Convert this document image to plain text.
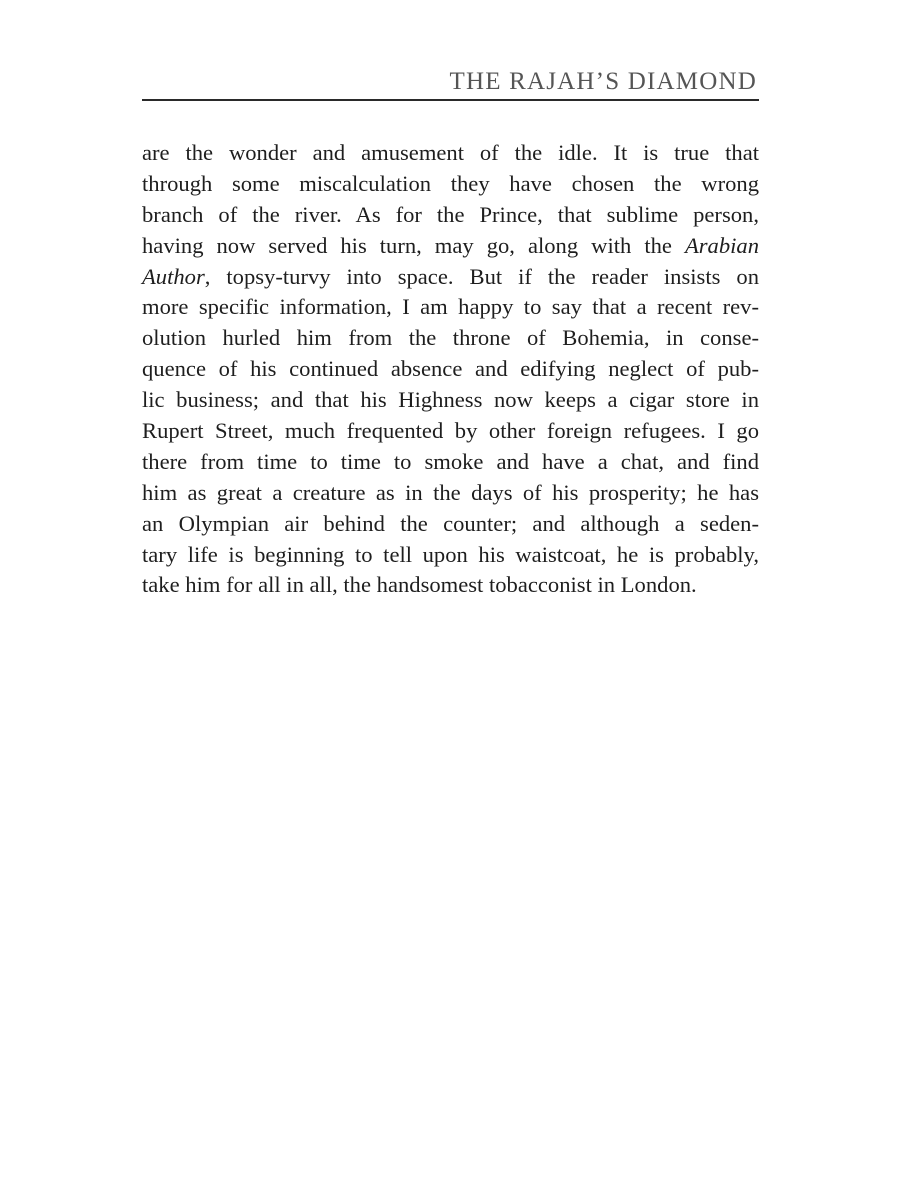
THE RAJAH’S DIAMOND
are the wonder and amusement of the idle. It is true that
through some miscalculation they have chosen the wrong
branch of the river. As for the Prince, that sublime person,
having now served his turn, may go, along with the Arabian
Author, topsy-turvy into space. But if the reader insists on
more specific information, I am happy to say that a recent rev-
olution hurled him from the throne of Bohemia, in conse-
quence of his continued absence and edifying neglect of pub-
lic business; and that his Highness now keeps a cigar store in
Rupert Street, much frequented by other foreign refugees. I go
there from time to time to smoke and have a chat, and find
him as great a creature as in the days of his prosperity; he has
an Olympian air behind the counter; and although a seden-
tary life is beginning to tell upon his waistcoat, he is probably,
take him for all in all, the handsomest tobacconist in London.
